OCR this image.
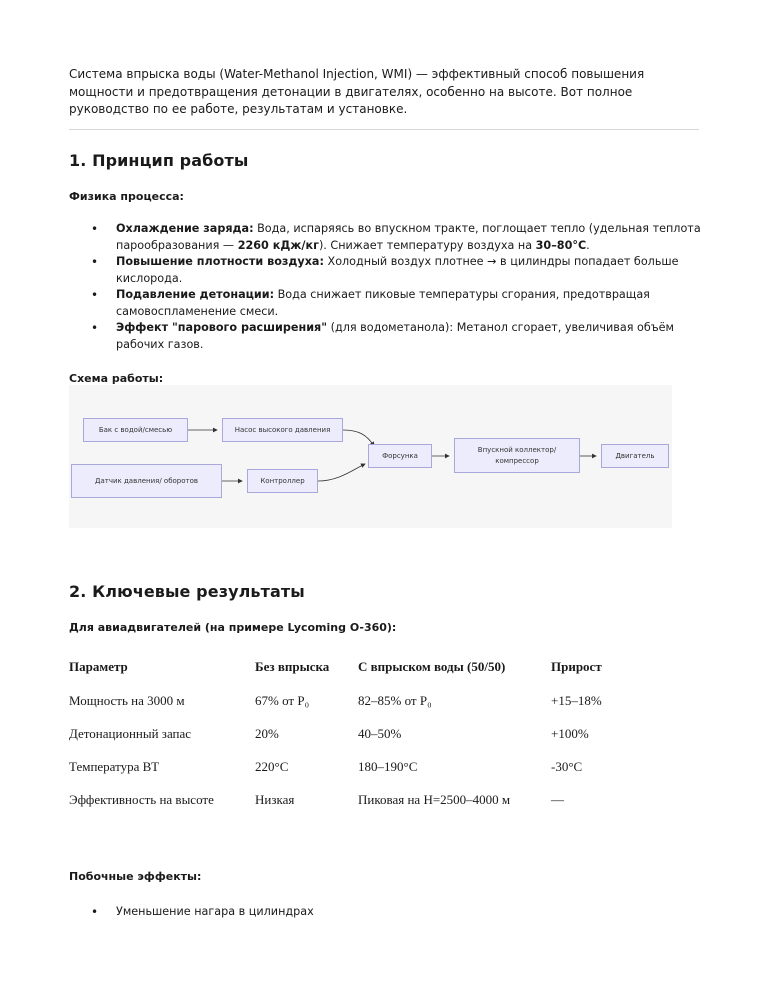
Система впрыска воды (Water-Methanol Injection, WMI) — эффективный способ повышения мощности и предотвращения детонации в двигателях, особенно на высоте. Вот полное руководство по ее работе, результатам и установке.

1. Принцип работы
Физика процесса:
• Охлаждение заряда: Вода, испаряясь во впускном тракте, поглощает тепло (удельная теплота парообразования — 2260 кДж/кг). Снижает температуру воздуха на 30–80°C.
• Повышение плотности воздуха: Холодный воздух плотнее → в цилиндры попадает больше кислорода.
• Подавление детонации: Вода снижает пиковые температуры сгорания, предотвращая самовоспламенение смеси.
• Эффект "парового расширения" (для водометанола): Метанол сгорает, увеличивая объём рабочих газов.
Схема работы:
Бак с водой/смесью	Насос высокого давления
Датчик давления/ оборотов	Контроллер
Форсунка
Впускной коллектор/ компрессор
Двигатель
2. Ключевые результаты
Для авиадвигателей (на примере Lycoming O-360):
Параметр	Без впрыска	С впрыском воды (50/50)	Прирост
Мощность на 3000 м	67% от P₀	82–85% от P₀	+15–18%
Детонационный запас	20%	40–50%	+100%
Температура ВТ	220°C	180–190°C	-30°C
Эффективность на высоте	Низкая	Пиковая на H=2500–4000 м	—
Побочные эффекты:
• Уменьшение нагара в цилиндрах
